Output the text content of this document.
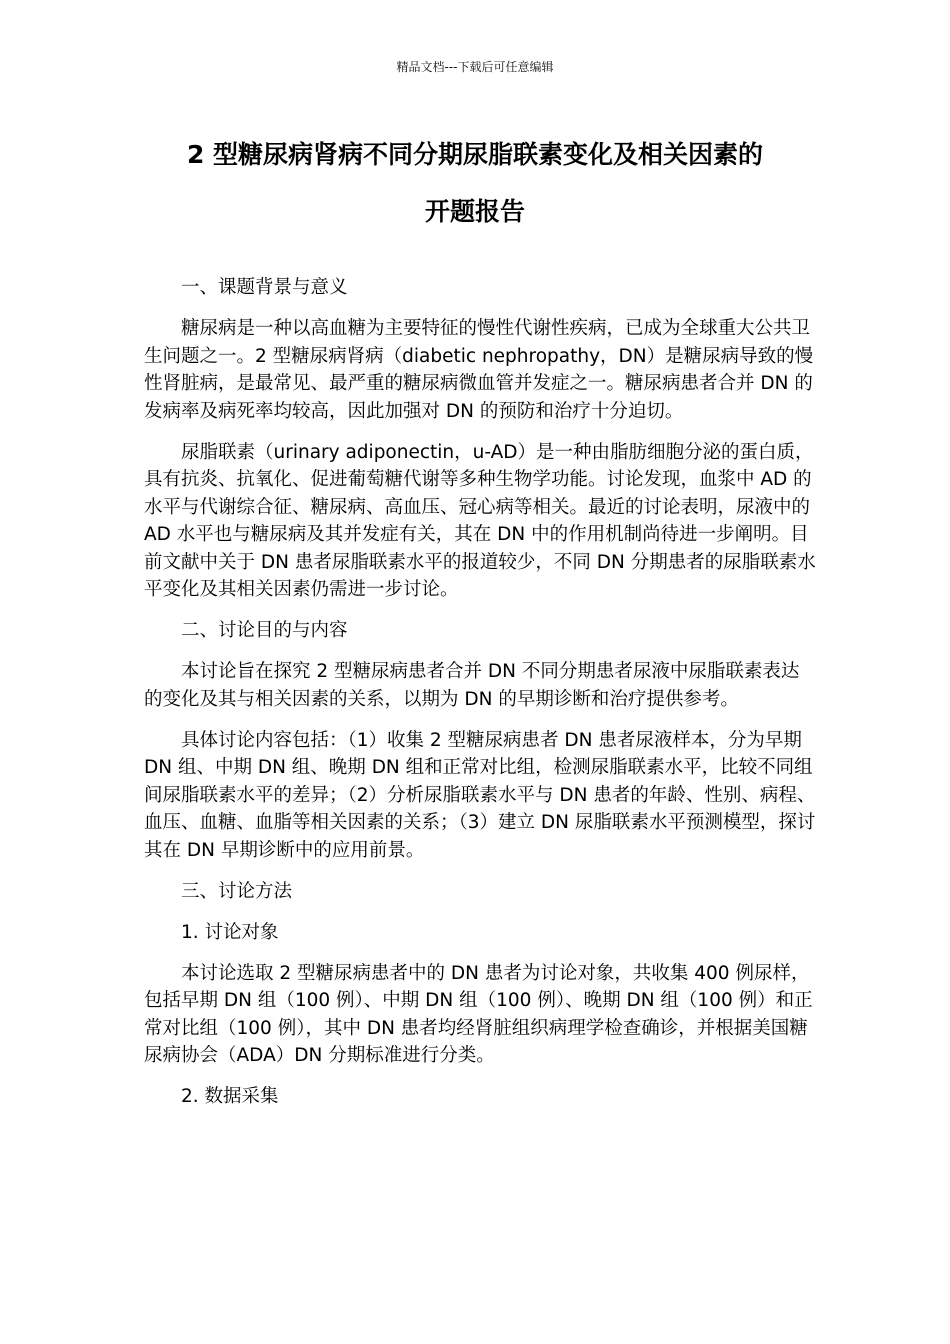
精品文档---下载后可任意编辑
2 型糖尿病肾病不同分期尿脂联素变化及相关因素的
开题报告

一、课题背景与意义

糖尿病是一种以高血糖为主要特征的慢性代谢性疾病，已成为全球重大公共卫生问题之一。2 型糖尿病肾病（diabetic nephropathy，DN）是糖尿病导致的慢性肾脏病，是最常见、最严重的糖尿病微血管并发症之一。糖尿病患者合并 DN 的发病率及病死率均较高，因此加强对 DN 的预防和治疗十分迫切。

尿脂联素（urinary adiponectin，u-AD）是一种由脂肪细胞分泌的蛋白质，具有抗炎、抗氧化、促进葡萄糖代谢等多种生物学功能。讨论发现，血浆中 AD 的水平与代谢综合征、糖尿病、高血压、冠心病等相关。最近的讨论表明，尿液中的 AD 水平也与糖尿病及其并发症有关，其在 DN 中的作用机制尚待进一步阐明。目前文献中关于 DN 患者尿脂联素水平的报道较少，不同 DN 分期患者的尿脂联素水平变化及其相关因素仍需进一步讨论。

二、讨论目的与内容

本讨论旨在探究 2 型糖尿病患者合并 DN 不同分期患者尿液中尿脂联素表达的变化及其与相关因素的关系，以期为 DN 的早期诊断和治疗提供参考。

具体讨论内容包括：（1）收集 2 型糖尿病患者 DN 患者尿液样本，分为早期 DN 组、中期 DN 组、晚期 DN 组和正常对比组，检测尿脂联素水平，比较不同组间尿脂联素水平的差异；（2）分析尿脂联素水平与 DN 患者的年龄、性别、病程、血压、血糖、血脂等相关因素的关系；（3）建立 DN 尿脂联素水平预测模型，探讨其在 DN 早期诊断中的应用前景。

三、讨论方法

1. 讨论对象

本讨论选取 2 型糖尿病患者中的 DN 患者为讨论对象，共收集 400 例尿样，包括早期 DN 组（100 例）、中期 DN 组（100 例）、晚期 DN 组（100 例）和正常对比组（100 例），其中 DN 患者均经肾脏组织病理学检查确诊，并根据美国糖尿病协会（ADA）DN 分期标准进行分类。

2. 数据采集
